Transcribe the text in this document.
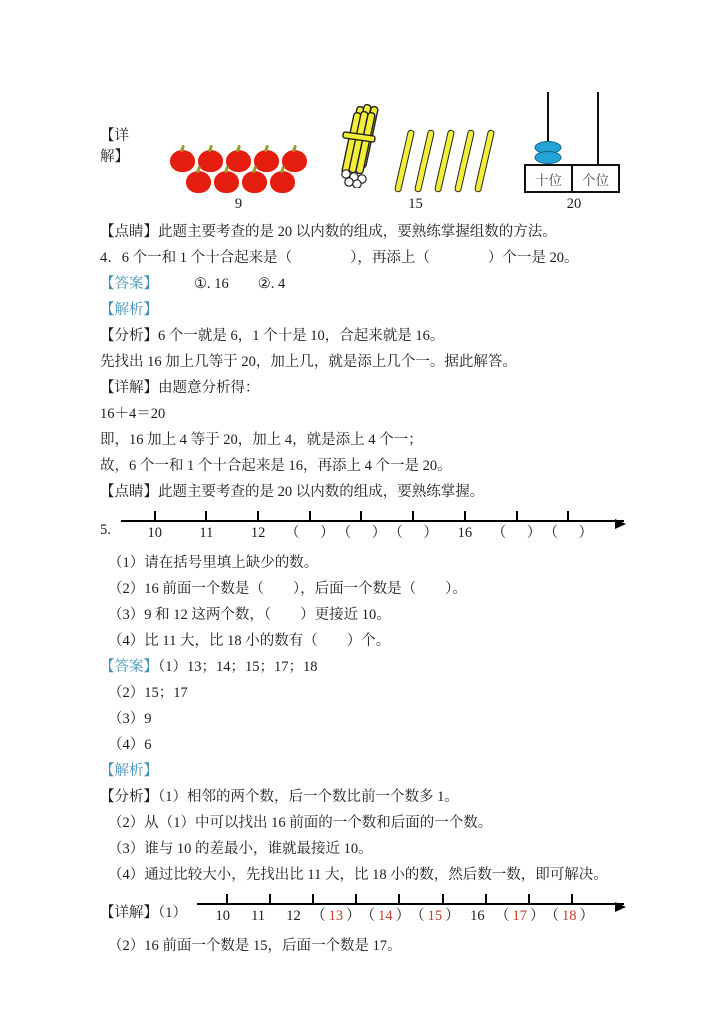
【详解】
9	15
十位	个位
20

【点睛】此题主要考查的是 20 以内数的组成，要熟练掌握组数的方法。

4．6 个一和 1 个十合起来是（　　　　），再添上（　　　　）个一是 20。

【答案】 ①. 16　　②. 4

【解析】

【分析】6 个一就是 6，1 个十是 10，合起来就是 16。

先找出 16 加上几等于 20，加上几，就是添上几个一。据此解答。

【详解】由题意分析得：

16＋4＝20

即，16 加上 4 等于 20，加上 4，就是添上 4 个一；

故，6 个一和 1 个十合起来是 16，再添上 4 个一是 20。

【点睛】此题主要考查的是 20 以内数的组成，要熟练掌握。

5.	10	11	12	（　 ） （　 ） （　 ）	16	（　 ） （　 ）

（1）请在括号里填上缺少的数。

（2）16 前面一个数是（　　），后面一个数是（　　）。

（3）9 和 12 这两个数，（　　）更接近 10。

（4）比 11 大，比 18 小的数有（　　）个。

【答案】（1）13；14；15；17；18

（2）15；17

（3）9

（4）6

【解析】

【分析】（1）相邻的两个数，后一个数比前一个数多 1。

（2）从（1）中可以找出 16 前面的一个数和后面的一个数。

（3）谁与 10 的差最小，谁就最接近 10。

（4）通过比较大小，先找出比 11 大，比 18 小的数，然后数一数，即可解决。

【详解】（1）	10	11	12 （ 13 ） （ 14 ） （ 15 ） 16 （ 17 ） （ 18 ）

（2）16 前面一个数是 15，后面一个数是 17。
